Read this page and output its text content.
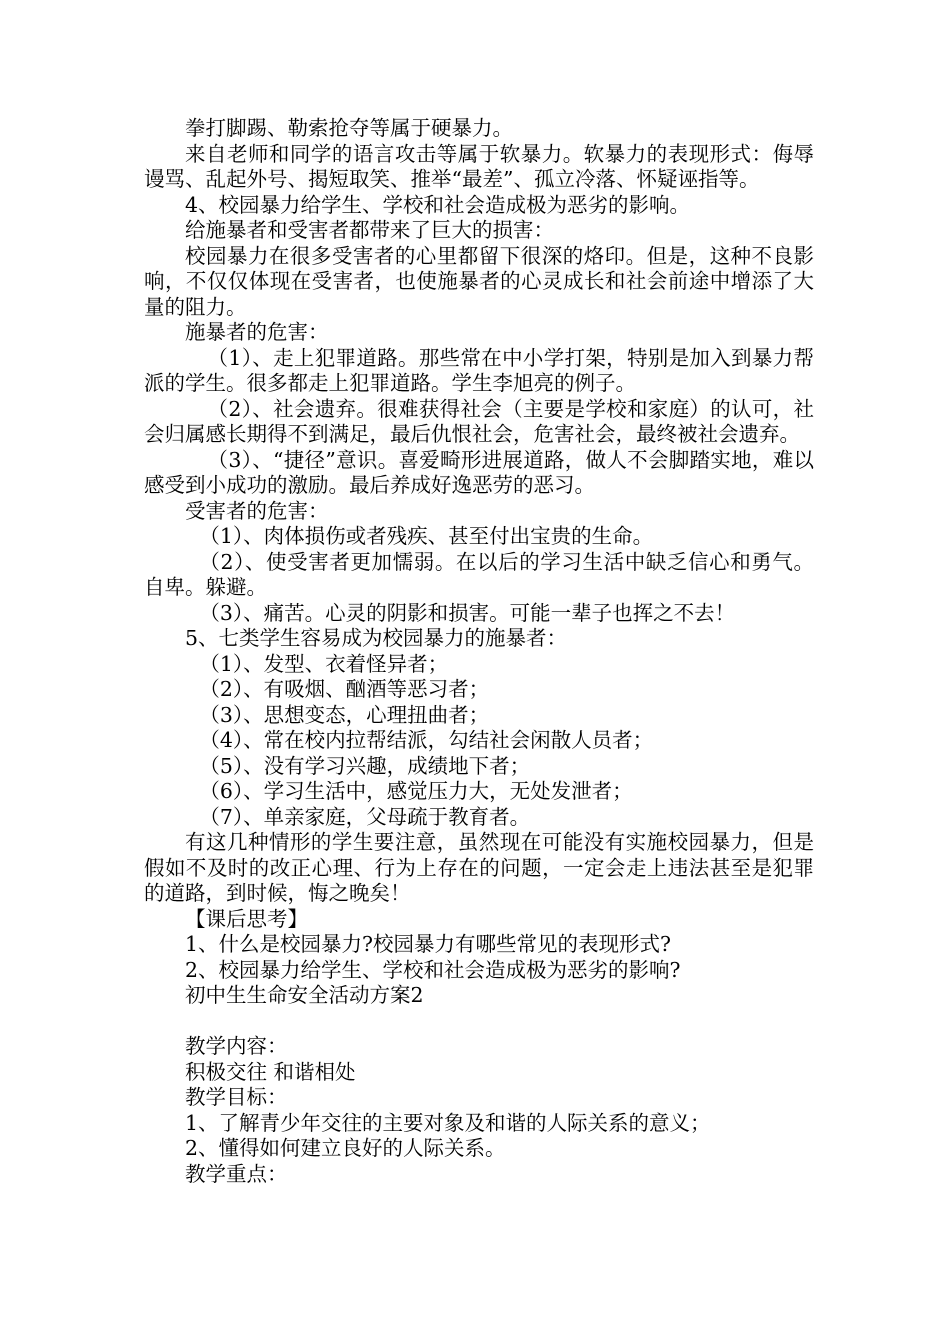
拳打脚踢、勒索抢夺等属于硬暴力。

来自老师和同学的语言攻击等属于软暴力。软暴力的表现形式：侮辱谩骂、乱起外号、揭短取笑、推举“最差”、孤立冷落、怀疑诬指等。

4、校园暴力给学生、学校和社会造成极为恶劣的影响。

给施暴者和受害者都带来了巨大的损害：

校园暴力在很多受害者的心里都留下很深的烙印。但是，这种不良影响，不仅仅体现在受害者，也使施暴者的心灵成长和社会前途中增添了大量的阻力。

施暴者的危害：

（1）、走上犯罪道路。那些常在中小学打架，特别是加入到暴力帮派的学生。很多都走上犯罪道路。学生李旭亮的例子。

（2）、社会遗弃。很难获得社会（主要是学校和家庭）的认可，社会归属感长期得不到满足，最后仇恨社会，危害社会，最终被社会遗弃。

（3）、“捷径”意识。喜爱畸形进展道路，做人不会脚踏实地，难以感受到小成功的激励。最后养成好逸恶劳的恶习。

受害者的危害：

（1）、肉体损伤或者残疾、甚至付出宝贵的生命。

（2）、使受害者更加懦弱。在以后的学习生活中缺乏信心和勇气。自卑。躲避。

（3）、痛苦。心灵的阴影和损害。可能一辈子也挥之不去！

5、七类学生容易成为校园暴力的施暴者：

（1）、发型、衣着怪异者；

（2）、有吸烟、酗酒等恶习者；

（3）、思想变态，心理扭曲者；

（4）、常在校内拉帮结派，勾结社会闲散人员者；

（5）、没有学习兴趣，成绩地下者；

（6）、学习生活中，感觉压力大，无处发泄者；

（7）、单亲家庭，父母疏于教育者。

有这几种情形的学生要注意，虽然现在可能没有实施校园暴力，但是假如不及时的改正心理、行为上存在的问题，一定会走上违法甚至是犯罪的道路，到时候，悔之晚矣！

【课后思考】

1、什么是校园暴力?校园暴力有哪些常见的表现形式?

2、校园暴力给学生、学校和社会造成极为恶劣的影响?

初中生生命安全活动方案2

教学内容：

积极交往 和谐相处

教学目标：

1、了解青少年交往的主要对象及和谐的人际关系的意义；

2、懂得如何建立良好的人际关系。

教学重点：
